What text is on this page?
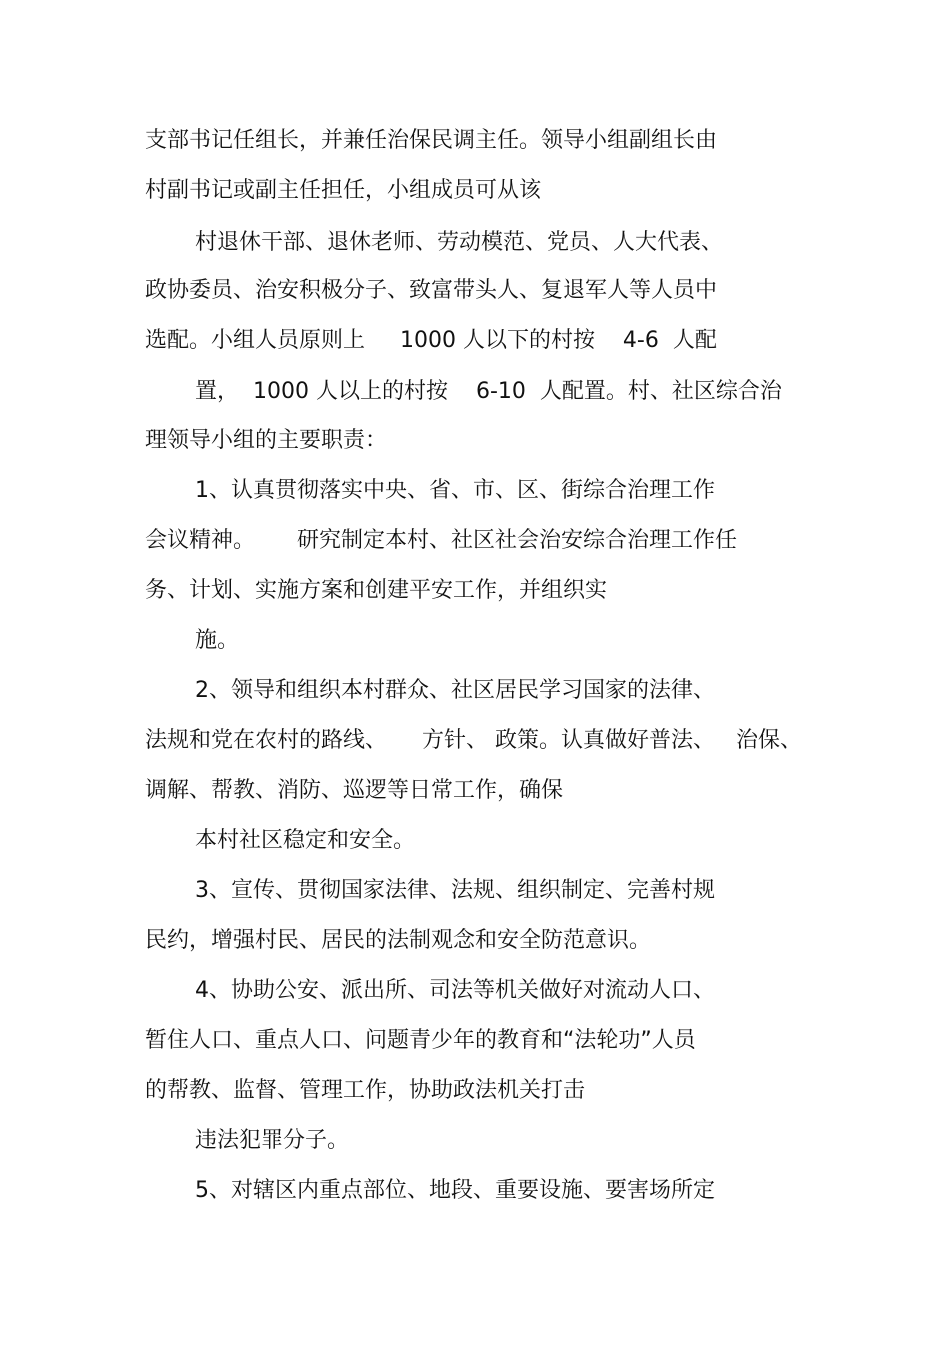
支部书记任组长，并兼任治保民调主任。领导小组副组长由
村副书记或副主任担任，小组成员可从该
村退休干部、退休老师、劳动模范、党员、人大代表、
政协委员、治安积极分子、致富带头人、复退军人等人员中
选配。小组人员原则上     1000 人以下的村按    4-6  人配
置，  1000 人以上的村按    6-10  人配置。村、社区综合治
理领导小组的主要职责：
1、认真贯彻落实中央、省、市、区、街综合治理工作
会议精神。      研究制定本村、社区社会治安综合治理工作任
务、计划、实施方案和创建平安工作，并组织实
施。
2、领导和组织本村群众、社区居民学习国家的法律、
法规和党在农村的路线、     方针、 政策。认真做好普法、   治保、
调解、帮教、消防、巡逻等日常工作，确保
本村社区稳定和安全。
3、宣传、贯彻国家法律、法规、组织制定、完善村规
民约，增强村民、居民的法制观念和安全防范意识。
4、协助公安、派出所、司法等机关做好对流动人口、
暂住人口、重点人口、问题青少年的教育和“法轮功”人员
的帮教、监督、管理工作，协助政法机关打击
违法犯罪分子。
5、对辖区内重点部位、地段、重要设施、要害场所定
